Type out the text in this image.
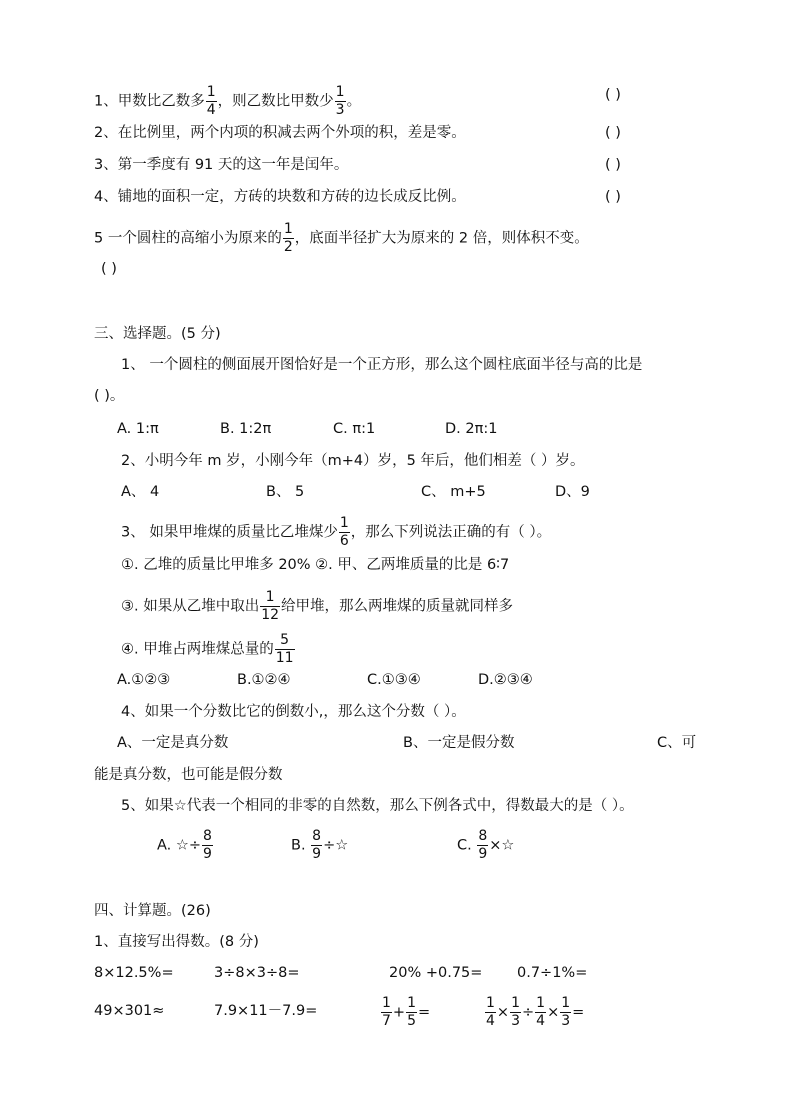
1、甲数比乙数多 $\frac{1}{4}$ ，则乙数比甲数少 $\frac{1}{3}$ 。	( )
2、在比例里，两个内项的积减去两个外项的积，差是零。	( )
3、第一季度有 91 天的这一年是闰年。	( )
4、铺地的面积一定，方砖的块数和方砖的边长成反比例。	( )
5 一个圆柱的高缩小为原来的 $\frac{1}{2}$ ，底面半径扩大为原来的 2 倍，则体积不变。
( )
三、选择题。(5 分)
1、 一个圆柱的侧面展开图恰好是一个正方形，那么这个圆柱底面半径与高的比是
( )。
A. 1:π	B. 1:2π	C. π:1	D. 2π:1
2、小明今年 m 岁，小刚今年（m+4）岁，5 年后，他们相差（ ）岁。
A、 4	B、 5	C、 m+5	D、9
3、 如果甲堆煤的质量比乙堆煤少 $\frac{1}{6}$ ，那么下列说法正确的有（ ）。
①. 乙堆的质量比甲堆多 20% ②. 甲、乙两堆质量的比是 6∶7
③. 如果从乙堆中取出 $\frac{1}{12}$ 给甲堆，那么两堆煤的质量就同样多
④. 甲堆占两堆煤总量的 $\frac{5}{11}$
A.①②③	B.①②④	C.①③④	D.②③④
4、如果一个分数比它的倒数小,，那么这个分数（ ）。
A、一定是真分数	B、一定是假分数	C、可
能是真分数，也可能是假分数
5、如果☆代表一个相同的非零的自然数，那么下例各式中，得数最大的是（ ）。
A. ☆÷ $\frac{8}{9}$	B. $\frac{8}{9}$ ÷☆	C. $\frac{8}{9}$ ×☆
四、计算题。(26)
1、直接写出得数。(8 分)
8×12.5%=	3÷8×3÷8=	20% +0.75= 0.7÷1%=
49×301≈	7.9×11－7.9=	$\frac{1}{7} + \frac{1}{5}$ =	$\frac{1}{4} \times \frac{1}{3} \div \frac{1}{4} \times \frac{1}{3}$ =
